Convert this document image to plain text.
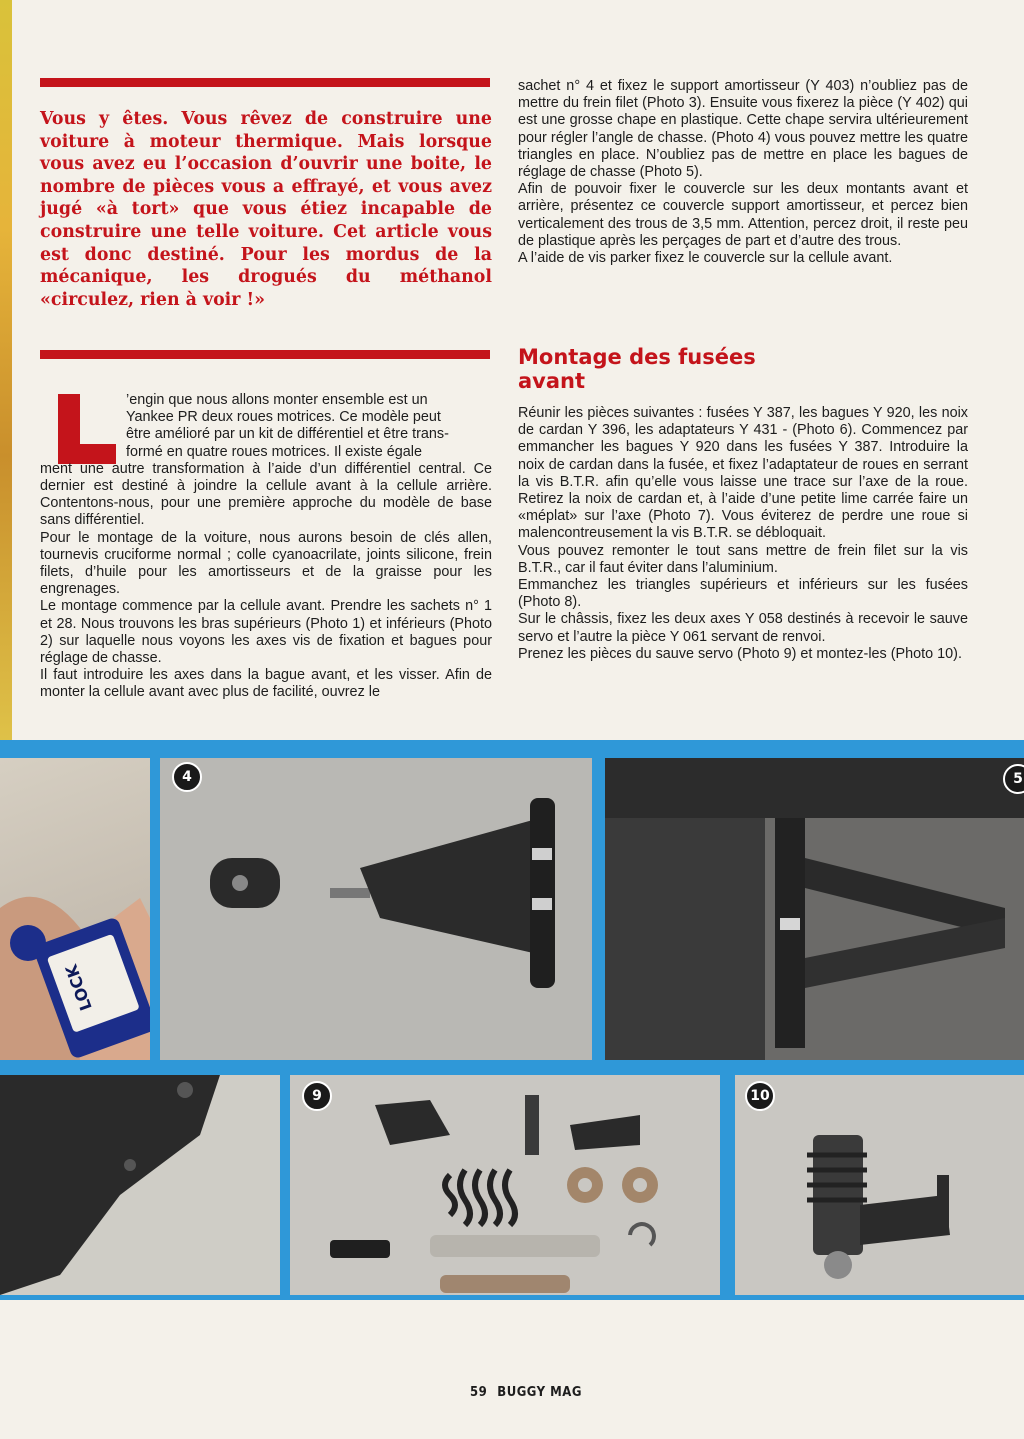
Vous y êtes. Vous rêvez de construire une voiture à moteur thermique. Mais lorsque vous avez eu l’occasion d’ouvrir une boite, le nombre de pièces vous a effrayé, et vous avez jugé «à tort» que vous étiez incapable de construire une telle voiture. Cet article vous est donc destiné. Pour les mordus de la mécanique, les drogués du méthanol «circulez, rien à voir !»

’engin que nous allons monter ensemble est un

Yankee PR deux roues motrices. Ce modèle peut

être amélioré par un kit de différentiel et être trans-

formé en quatre roues motrices. Il existe égale

ment une autre transformation à l’aide d’un différentiel central. Ce dernier est destiné à joindre la cellule avant à la cellule arrière. Contentons-nous, pour une première approche du modèle de base sans différentiel.

Pour le montage de la voiture, nous aurons besoin de clés allen, tournevis cruciforme normal ; colle cyanoacrilate, joints silicone, frein filets, d’huile pour les amortisseurs et de la graisse pour les engrenages.

Le montage commence par la cellule avant. Prendre les sachets n° 1 et 28. Nous trouvons les bras supérieurs (Photo 1) et inférieurs (Photo 2) sur laquelle nous voyons les axes vis de fixation et bagues pour réglage de chasse.

Il faut introduire les axes dans la bague avant, et les visser. Afin de monter la cellule avant avec plus de facilité, ouvrez le

sachet n° 4 et fixez le support amortisseur (Y 403) n’oubliez pas de mettre du frein filet (Photo 3). Ensuite vous fixerez la pièce (Y 402) qui est une grosse chape en plastique. Cette chape servira ultérieurement pour régler l’angle de chasse. (Photo 4) vous pouvez mettre les quatre triangles en place. N’oubliez pas de mettre en place les bagues de réglage de chasse (Photo 5).

Afin de pouvoir fixer le couvercle sur les deux montants avant et arrière, présentez ce couvercle support amortisseur, et percez bien verticalement des trous de 3,5 mm. Attention, percez droit, il reste peu de plastique après les perçages de part et d’autre des trous.

A l’aide de vis parker fixez le couvercle sur la cellule avant.

Montage des fusées
avant

Réunir les pièces suivantes : fusées Y 387, les bagues Y 920, les noix de cardan Y 396, les adaptateurs Y 431 - (Photo 6). Commencez par emmancher les bagues Y 920 dans les fusées Y 387. Introduire la noix de cardan dans la fusée, et fixez l’adaptateur de roues en serrant la vis B.T.R. afin qu’elle vous laisse une trace sur l’axe de la roue. Retirez la noix de cardan et, à l’aide d’une petite lime carrée faire un «méplat» sur l’axe (Photo 7). Vous éviterez de perdre une roue si malencontreusement la vis B.T.R. se débloquait.

Vous pouvez remonter le tout sans mettre de frein filet sur la vis B.T.R., car il faut éviter dans l’aluminium.

Emmanchez les triangles supérieurs et inférieurs sur les fusées (Photo 8).

Sur le châssis, fixez les deux axes Y 058 destinés à recevoir le sauve servo et l’autre la pièce Y 061 servant de renvoi.

Prenez les pièces du sauve servo (Photo 9) et montez-les (Photo 10).

LOCK
4	5
9	10
59 BUGGY MAG
